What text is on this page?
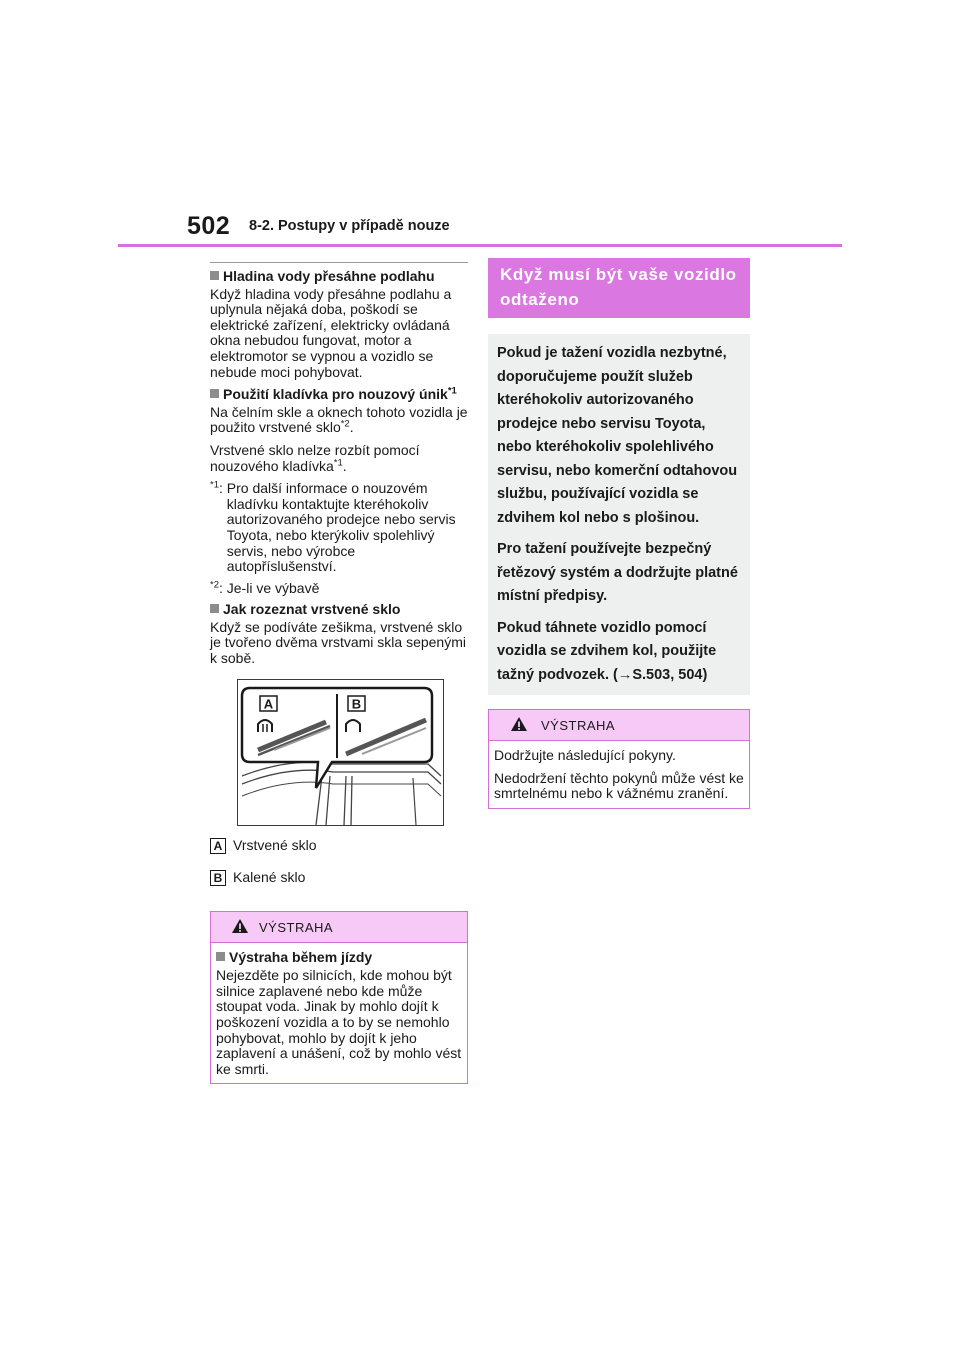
502 8-2. Postupy v případě nouze
Hladina vody přesáhne podlahu

Když hladina vody přesáhne podlahu a uplynula nějaká doba, poškodí se elektrické zařízení, elektricky ovládaná okna nebudou fungovat, motor a elektromotor se vypnou a vozidlo se nebude moci pohybovat.

Použití kladívka pro nouzový únik$^{*1}$

Na čelním skle a oknech tohoto vozidla je použito vrstvené sklo$^{*2}$.

Vrstvené sklo nelze rozbít pomocí nouzového kladívka$^{*1}$.

$^{*1}$: Pro další informace o nouzovém kladívku kontaktujte kteréhokoliv autorizovaného prodejce nebo servis Toyota, nebo kterýkoliv spolehlivý servis, nebo výrobce autopříslušenství.
$^{*2}$: Je-li ve výbavě
Jak rozeznat vrstvené sklo

Když se podíváte zešikma, vrstvené sklo je tvořeno dvěma vrstvami skla sepenými k sobě.

A	B
A Vrstvené sklo
B Kalené sklo
VÝSTRAHA
Výstraha během jízdy

Nejezděte po silnicích, kde mohou být silnice zaplavené nebo kde může stoupat voda. Jinak by mohlo dojít k poškození vozidla a to by se nemohlo pohybovat, mohlo by dojít k jeho zaplavení a unášení, což by mohlo vést ke smrti.

Když musí být vaše vozidlo odtaženo

Pokud je tažení vozidla nezbytné, doporučujeme použít služeb kteréhokoliv autorizovaného prodejce nebo servisu Toyota, nebo kteréhokoliv spolehlivého servisu, nebo komerční odtahovou službu, používající vozidla se zdvihem kol nebo s plošinou.

Pro tažení používejte bezpečný řetězový systém a dodržujte platné místní předpisy.

Pokud táhnete vozidlo pomocí vozidla se zdvihem kol, použijte tažný podvozek. (→S.503, 504)

VÝSTRAHA

Dodržujte následující pokyny.

Nedodržení těchto pokynů může vést ke smrtelnému nebo k vážnému zranění.
